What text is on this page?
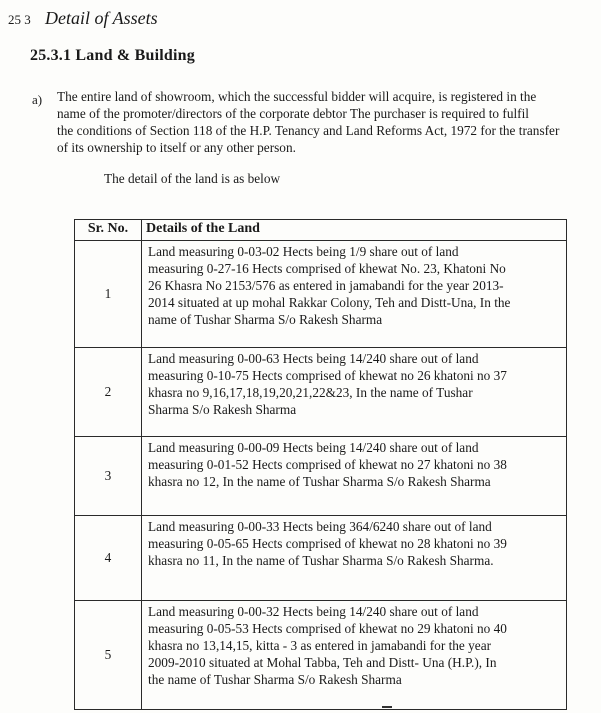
25 3 Detail of Assets
25.3.1 Land & Building
a) The entire land of showroom, which the successful bidder will acquire, is registered in the
name of the promoter/directors of the corporate debtor The purchaser is required to fulfil
the conditions of Section 118 of the H.P. Tenancy and Land Reforms Act, 1972 for the transfer
of its ownership to itself or any other person.
The detail of the land is as below
Sr. No.	Details of the Land
1	Land measuring 0-03-02 Hects being 1/9 share out of land
measuring 0-27-16 Hects comprised of khewat No. 23, Khatoni No
26 Khasra No 2153/576 as entered in jamabandi for the year 2013-
2014 situated at up mohal Rakkar Colony, Teh and Distt-Una, In the
name of Tushar Sharma S/o Rakesh Sharma

2	Land measuring 0-00-63 Hects being 14/240 share out of land
measuring 0-10-75 Hects comprised of khewat no 26 khatoni no 37
khasra no 9,16,17,18,19,20,21,22&23, In the name of Tushar
Sharma S/o Rakesh Sharma

3	Land measuring 0-00-09 Hects being 14/240 share out of land
measuring 0-01-52 Hects comprised of khewat no 27 khatoni no 38
khasra no 12, In the name of Tushar Sharma S/o Rakesh Sharma

4	Land measuring 0-00-33 Hects being 364/6240 share out of land
measuring 0-05-65 Hects comprised of khewat no 28 khatoni no 39
khasra no 11, In the name of Tushar Sharma S/o Rakesh Sharma.

5	Land measuring 0-00-32 Hects being 14/240 share out of land
measuring 0-05-53 Hects comprised of khewat no 29 khatoni no 40
khasra no 13,14,15, kitta - 3 as entered in jamabandi for the year
2009-2010 situated at Mohal Tabba, Teh and Distt- Una (H.P.), In
the name of Tushar Sharma S/o Rakesh Sharma
